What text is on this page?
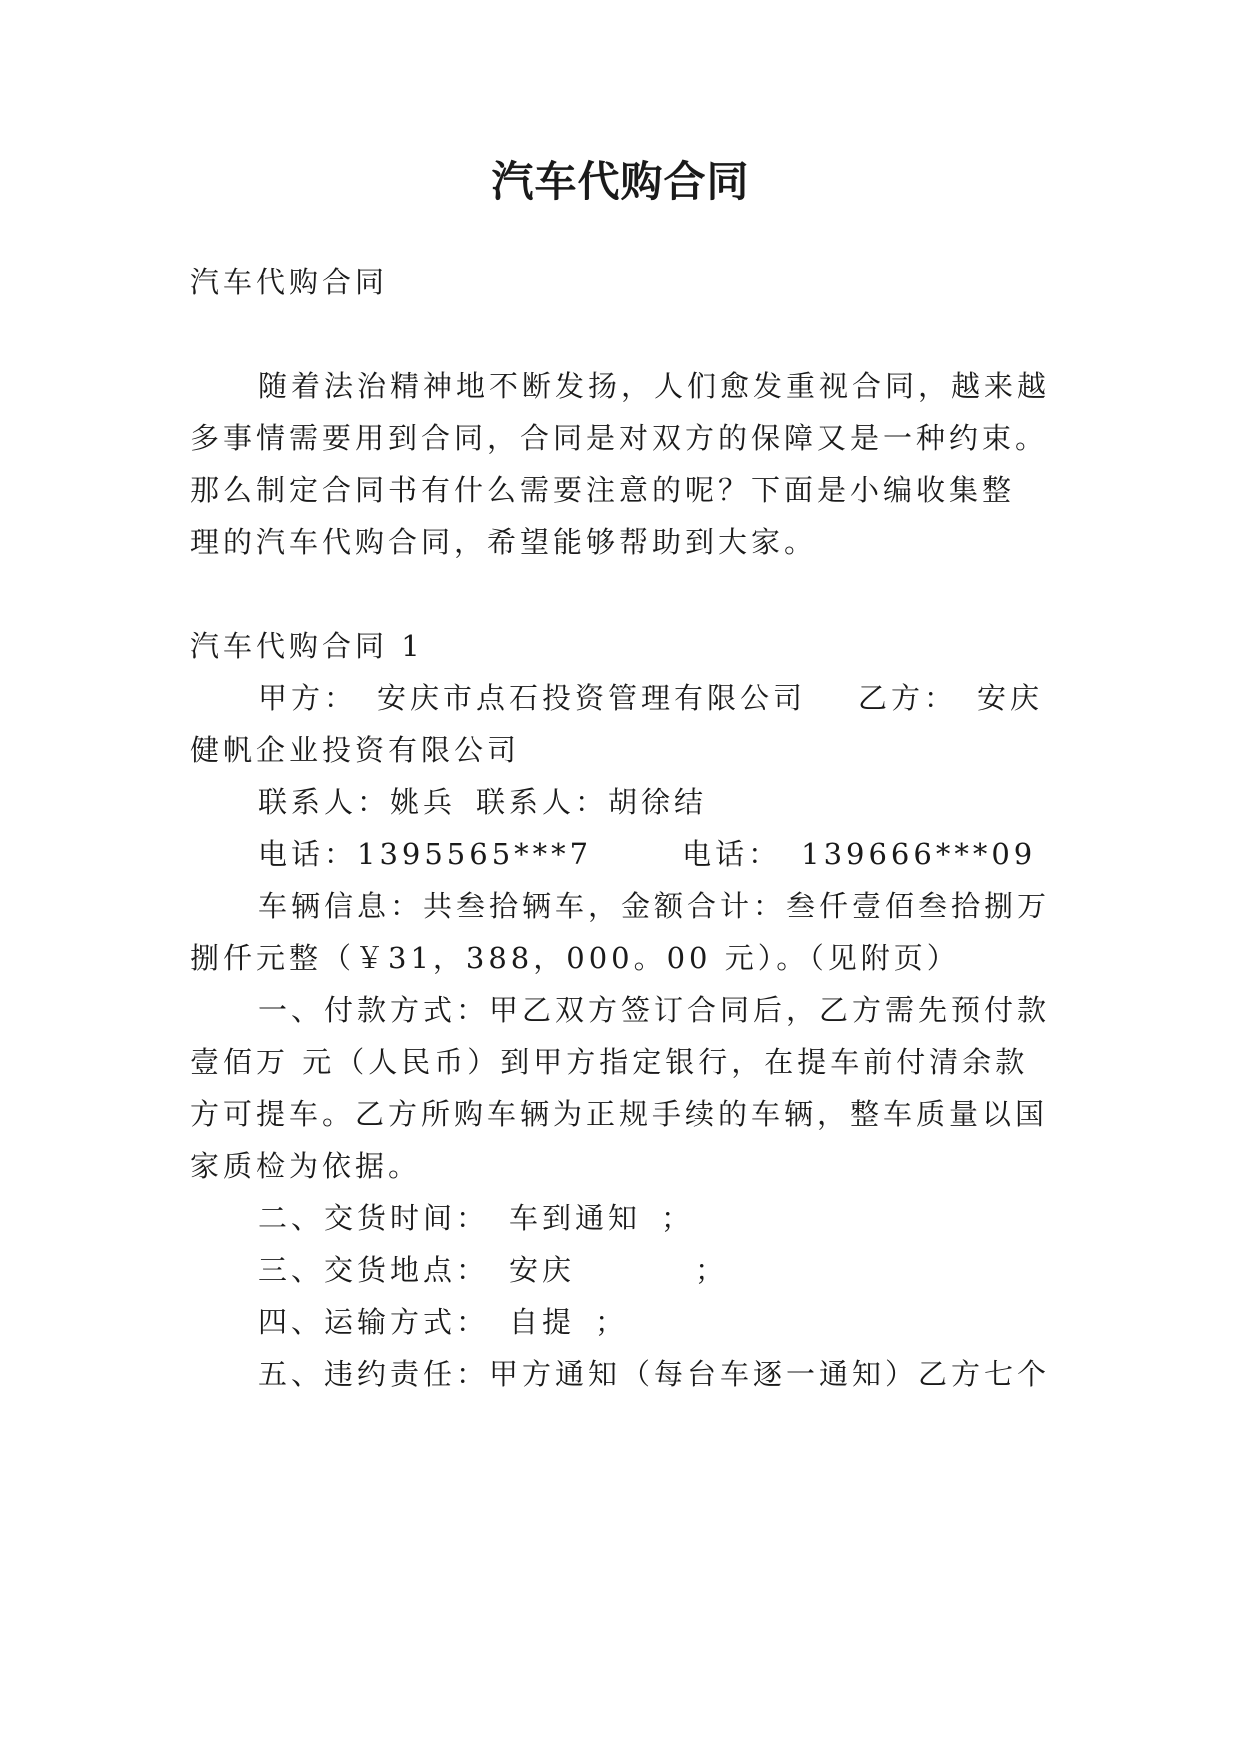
汽车代购合同
汽车代购合同
随着法治精神地不断发扬，人们愈发重视合同，越来越
多事情需要用到合同，合同是对双方的保障又是一种约束。
那么制定合同书有什么需要注意的呢？下面是小编收集整
理的汽车代购合同，希望能够帮助到大家。
汽车代购合同 1
甲方： 安庆市点石投资管理有限公司 乙方： 安庆
健帆企业投资有限公司
联系人：姚兵 联系人：胡徐结
电话：1395565***7	电话： 139666***09
车辆信息：共叁拾辆车，金额合计：叁仟壹佰叁拾捌万
捌仟元整（￥31，388，000。00 元）。（见附页）
一、付款方式：甲乙双方签订合同后，乙方需先预付款
壹佰万 元（人民币）到甲方指定银行，在提车前付清余款
方可提车。乙方所购车辆为正规手续的车辆，整车质量以国
家质检为依据。
二、交货时间： 车到通知 ；
三、交货地点： 安庆	；
四、运输方式： 自提 ；
五、违约责任：甲方通知（每台车逐一通知）乙方七个
